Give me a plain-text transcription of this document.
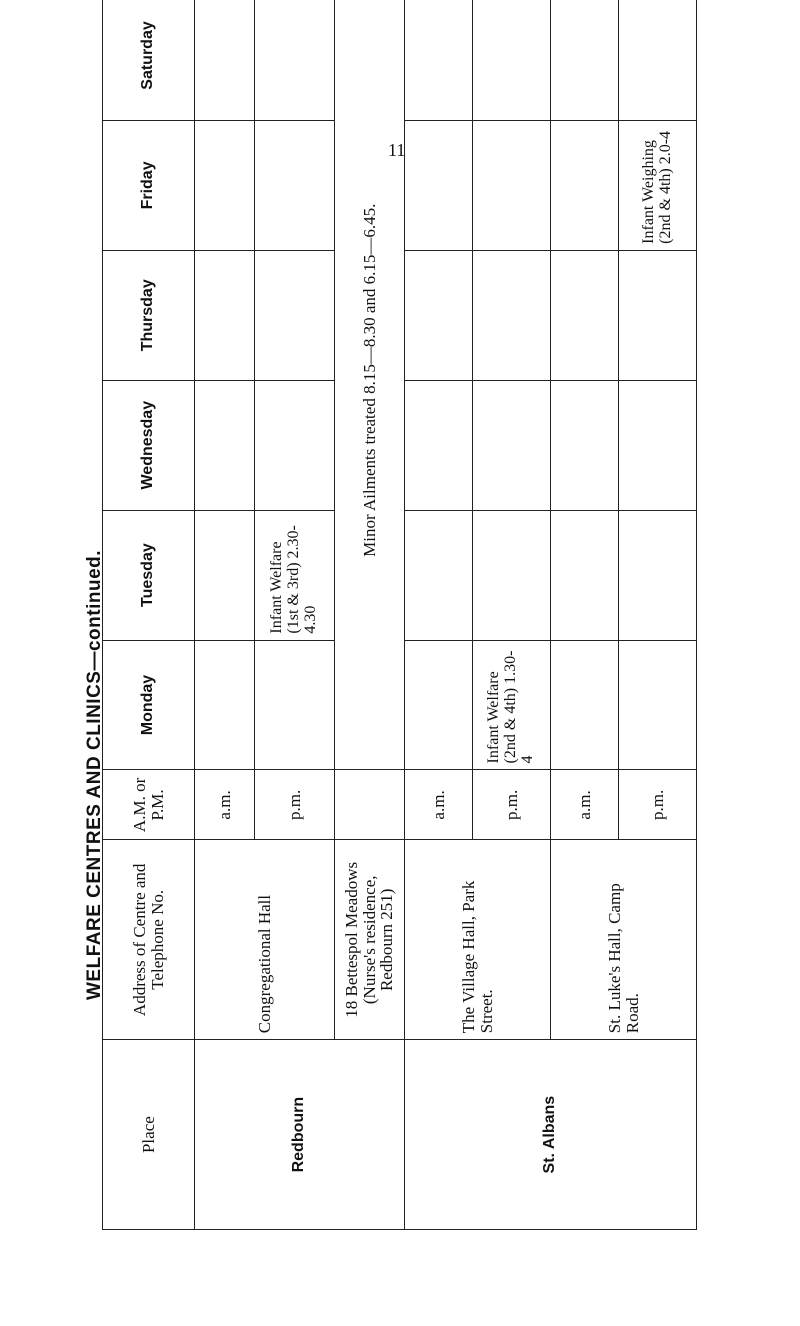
11
WELFARE CENTRES AND CLINICS—continued.
Place	Address of Centre and Telephone No.	A.M. or P.M.	Monday	Tuesday	Wednesday	Thursday	Friday	Saturday
Redbourn	Congregational Hall	a.m.						
		p.m.		Infant Welfare (1st & 3rd) 2.30-4.30				
	18 Bettespol Meadows (Nurse's residence, Redbourn 251)		Minor Ailments treated 8.15—8.30 and 6.15—6.45.					
St. Albans	The Village Hall, Park Street.	a.m.						
		p.m.	Infant Welfare (2nd & 4th) 1.30-4					
	St. Luke's Hall, Camp Road.	a.m.						
		p.m.					Infant Weighing (2nd & 4th) 2.0-4	
